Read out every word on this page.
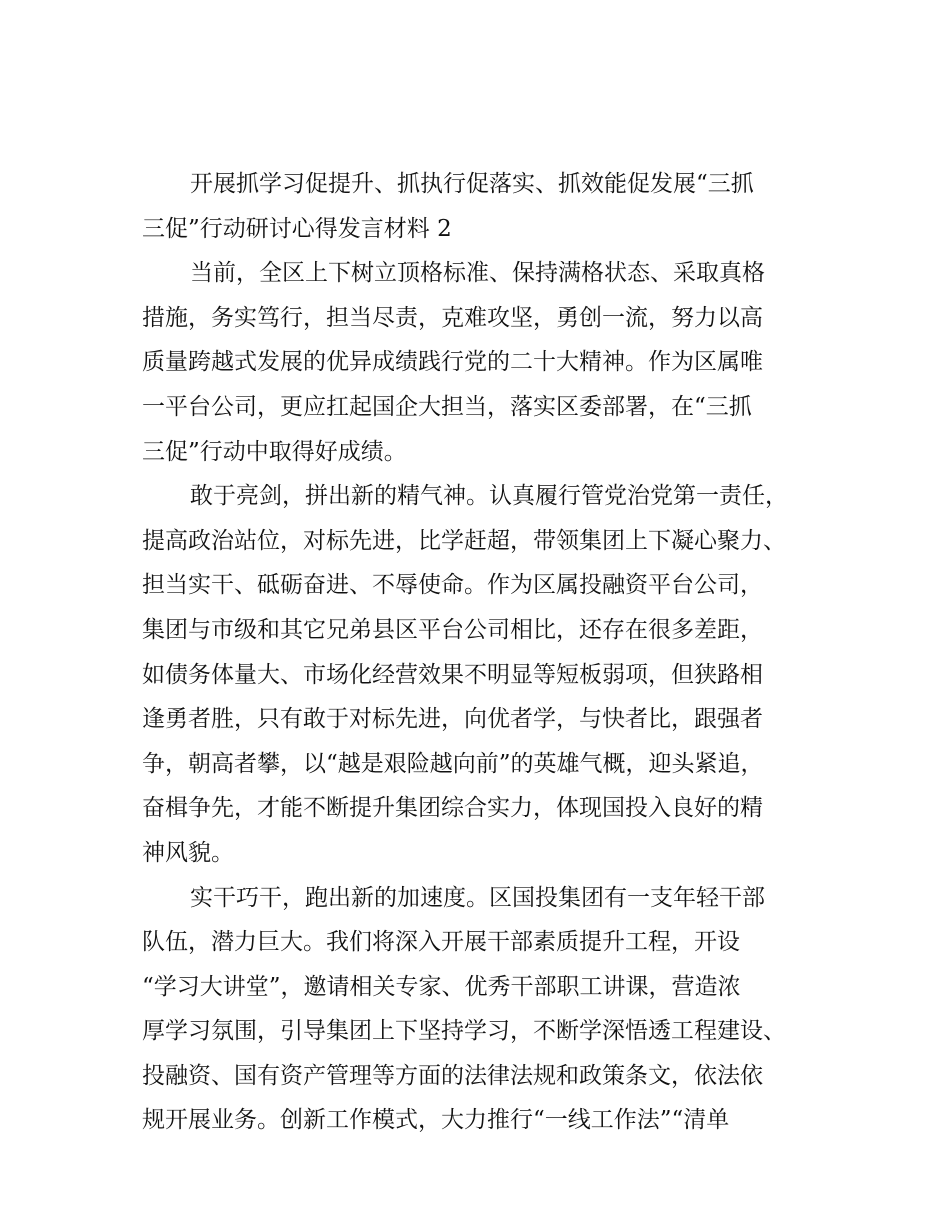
开展抓学习促提升、抓执行促落实、抓效能促发展“三抓
三促”行动研讨心得发言材料 2

当前，全区上下树立顶格标准、保持满格状态、采取真格
措施，务实笃行，担当尽责，克难攻坚，勇创一流，努力以高
质量跨越式发展的优异成绩践行党的二十大精神。作为区属唯
一平台公司，更应扛起国企大担当，落实区委部署，在“三抓
三促”行动中取得好成绩。

敢于亮剑，拼出新的精气神。认真履行管党治党第一责任，
提高政治站位，对标先进，比学赶超，带领集团上下凝心聚力、
担当实干、砥砺奋进、不辱使命。作为区属投融资平台公司，
集团与市级和其它兄弟县区平台公司相比，还存在很多差距，
如债务体量大、市场化经营效果不明显等短板弱项，但狭路相
逢勇者胜，只有敢于对标先进，向优者学，与快者比，跟强者
争，朝高者攀，以“越是艰险越向前”的英雄气概，迎头紧追，
奋楫争先，才能不断提升集团综合实力，体现国投入良好的精
神风貌。

实干巧干，跑出新的加速度。区国投集团有一支年轻干部
队伍，潜力巨大。我们将深入开展干部素质提升工程，开设
“学习大讲堂”，邀请相关专家、优秀干部职工讲课，营造浓
厚学习氛围，引导集团上下坚持学习，不断学深悟透工程建设、
投融资、国有资产管理等方面的法律法规和政策条文，依法依
规开展业务。创新工作模式，大力推行“一线工作法”“清单
